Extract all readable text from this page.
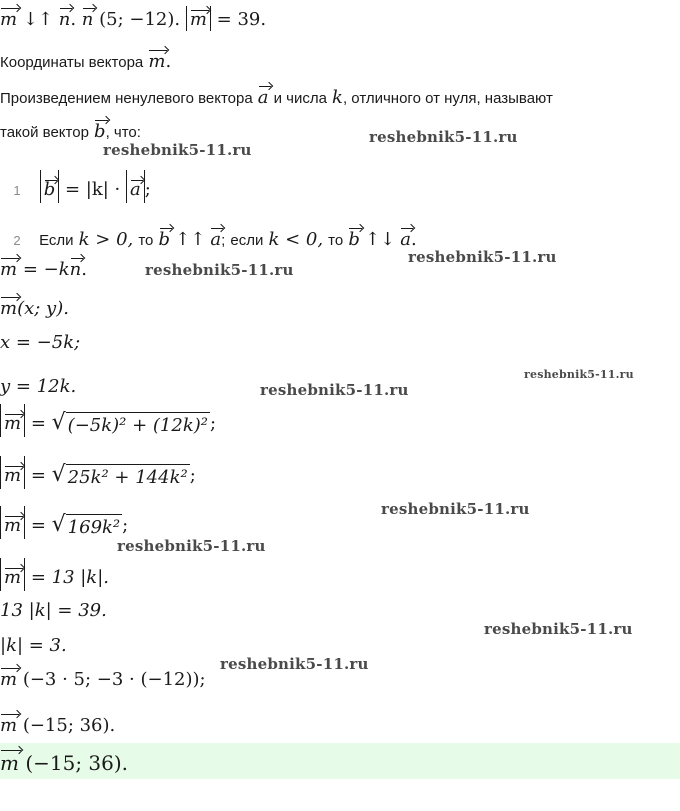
m ↓↑ n. n (5; −12). m = 39.
Координаты вектора m.
Произведением ненулевого вектора a и числа k, отличного от нуля, называют
такой вектор b, что:
1 b = |k| · a ;
2 Если k > 0, то b ↑↑ a; если k < 0, то b ↑↓ a.
m = −kn.
m(x; y).
x = −5k;
y = 12k.
m = √ (−5k)² + (12k)² ;
m = √ 25k² + 144k² ;
m = √ 169k² ;
m = 13 |k|.
13 |k| = 39.
|k| = 3.
m (−3 · 5; −3 · (−12));
m (−15; 36).
m (−15; 36).
reshebnik5-11.ru
reshebnik5-11.ru
reshebnik5-11.ru
reshebnik5-11.ru
reshebnik5-11.ru
reshebnik5-11.ru
reshebnik5-11.ru
reshebnik5-11.ru
reshebnik5-11.ru
reshebnik5-11.ru
